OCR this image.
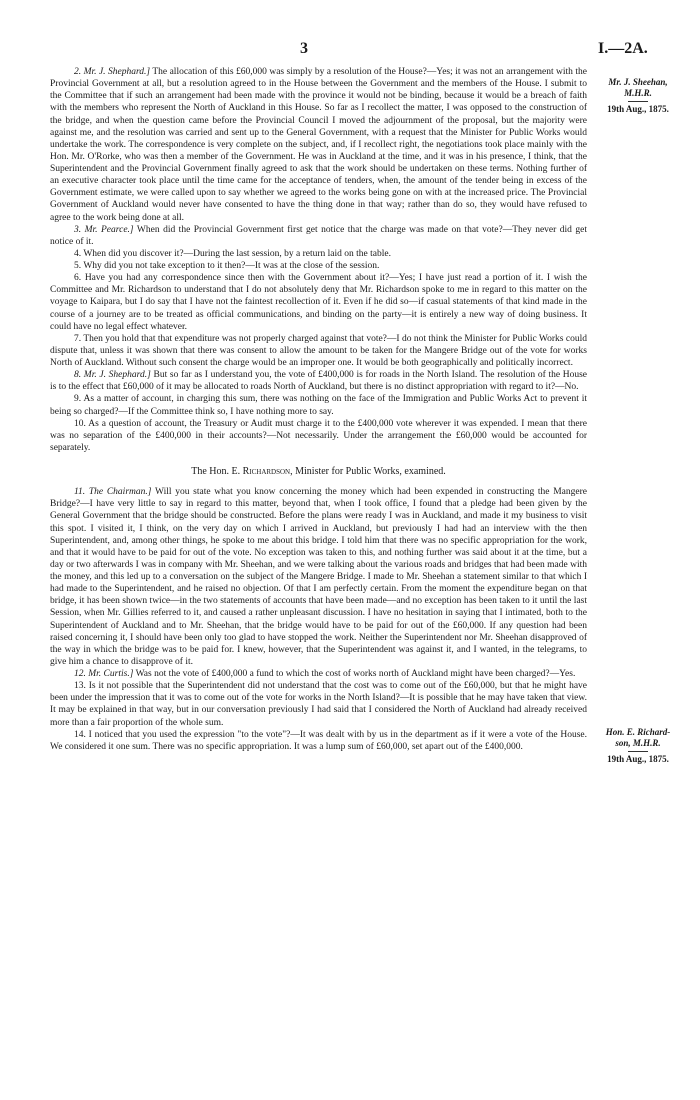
3	I.—2A.
Mr. J. Sheehan,
M.H.R.
19th Aug., 1875.
Hon. E. Richard-
son, M.H.R.
19th Aug., 1875.

2. Mr. J. Shephard.] The allocation of this £60,000 was simply by a resolution of the House?—Yes; it was not an arrangement with the Provincial Government at all, but a resolution agreed to in the House between the Government and the members of the House. I submit to the Committee that if such an arrangement had been made with the province it would not be binding, because it would be a breach of faith with the members who represent the North of Auckland in this House. So far as I recollect the matter, I was opposed to the construction of the bridge, and when the question came before the Provincial Council I moved the adjournment of the proposal, but the majority were against me, and the resolution was carried and sent up to the General Government, with a request that the Minister for Public Works would undertake the work. The correspondence is very complete on the subject, and, if I recollect right, the negotiations took place mainly with the Hon. Mr. O'Rorke, who was then a member of the Government. He was in Auckland at the time, and it was in his presence, I think, that the Superintendent and the Provincial Government finally agreed to ask that the work should be undertaken on these terms. Nothing further of an executive character took place until the time came for the acceptance of tenders, when, the amount of the tender being in excess of the Government estimate, we were called upon to say whether we agreed to the works being gone on with at the increased price. The Provincial Government of Auckland would never have consented to have the thing done in that way; rather than do so, they would have refused to agree to the work being done at all.

3. Mr. Pearce.] When did the Provincial Government first get notice that the charge was made on that vote?—They never did get notice of it.

4. When did you discover it?—During the last session, by a return laid on the table.

5. Why did you not take exception to it then?—It was at the close of the session.

6. Have you had any correspondence since then with the Government about it?—Yes; I have just read a portion of it. I wish the Committee and Mr. Richardson to understand that I do not absolutely deny that Mr. Richardson spoke to me in regard to this matter on the voyage to Kaipara, but I do say that I have not the faintest recollection of it. Even if he did so—if casual statements of that kind made in the course of a journey are to be treated as official communications, and binding on the party—it is entirely a new way of doing business. It could have no legal effect whatever.

7. Then you hold that that expenditure was not properly charged against that vote?—I do not think the Minister for Public Works could dispute that, unless it was shown that there was consent to allow the amount to be taken for the Mangere Bridge out of the vote for works North of Auckland. Without such consent the charge would be an improper one. It would be both geographically and politically incorrect.

8. Mr. J. Shephard.] But so far as I understand you, the vote of £400,000 is for roads in the North Island. The resolution of the House is to the effect that £60,000 of it may be allocated to roads North of Auckland, but there is no distinct appropriation with regard to it?—No.

9. As a matter of account, in charging this sum, there was nothing on the face of the Immigration and Public Works Act to prevent it being so charged?—If the Committee think so, I have nothing more to say.

10. As a question of account, the Treasury or Audit must charge it to the £400,000 vote wherever it was expended. I mean that there was no separation of the £400,000 in their accounts?—Not necessarily. Under the arrangement the £60,000 would be accounted for separately.

The Hon. E. Richardson, Minister for Public Works, examined.

11. The Chairman.] Will you state what you know concerning the money which had been expended in constructing the Mangere Bridge?—I have very little to say in regard to this matter, beyond that, when I took office, I found that a pledge had been given by the General Government that the bridge should be constructed. Before the plans were ready I was in Auckland, and made it my business to visit this spot. I visited it, I think, on the very day on which I arrived in Auckland, but previously I had had an interview with the then Superintendent, and, among other things, he spoke to me about this bridge. I told him that there was no specific appropriation for the work, and that it would have to be paid for out of the vote. No exception was taken to this, and nothing further was said about it at the time, but a day or two afterwards I was in company with Mr. Sheehan, and we were talking about the various roads and bridges that had been made with the money, and this led up to a conversation on the subject of the Mangere Bridge. I made to Mr. Sheehan a statement similar to that which I had made to the Superintendent, and he raised no objection. Of that I am perfectly certain. From the moment the expenditure began on that bridge, it has been shown twice—in the two statements of accounts that have been made—and no exception has been taken to it until the last Session, when Mr. Gillies referred to it, and caused a rather unpleasant discussion. I have no hesitation in saying that I intimated, both to the Superintendent of Auckland and to Mr. Sheehan, that the bridge would have to be paid for out of the £60,000. If any question had been raised concerning it, I should have been only too glad to have stopped the work. Neither the Superintendent nor Mr. Sheehan disapproved of the way in which the bridge was to be paid for. I knew, however, that the Superintendent was against it, and I wanted, in the telegrams, to give him a chance to disapprove of it.

12. Mr. Curtis.] Was not the vote of £400,000 a fund to which the cost of works north of Auckland might have been charged?—Yes.

13. Is it not possible that the Superintendent did not understand that the cost was to come out of the £60,000, but that he might have been under the impression that it was to come out of the vote for works in the North Island?—It is possible that he may have taken that view. It may be explained in that way, but in our conversation previously I had said that I considered the North of Auckland had already received more than a fair proportion of the whole sum.

14. I noticed that you used the expression "to the vote"?—It was dealt with by us in the department as if it were a vote of the House. We considered it one sum. There was no specific appropriation. It was a lump sum of £60,000, set apart out of the £400,000.
